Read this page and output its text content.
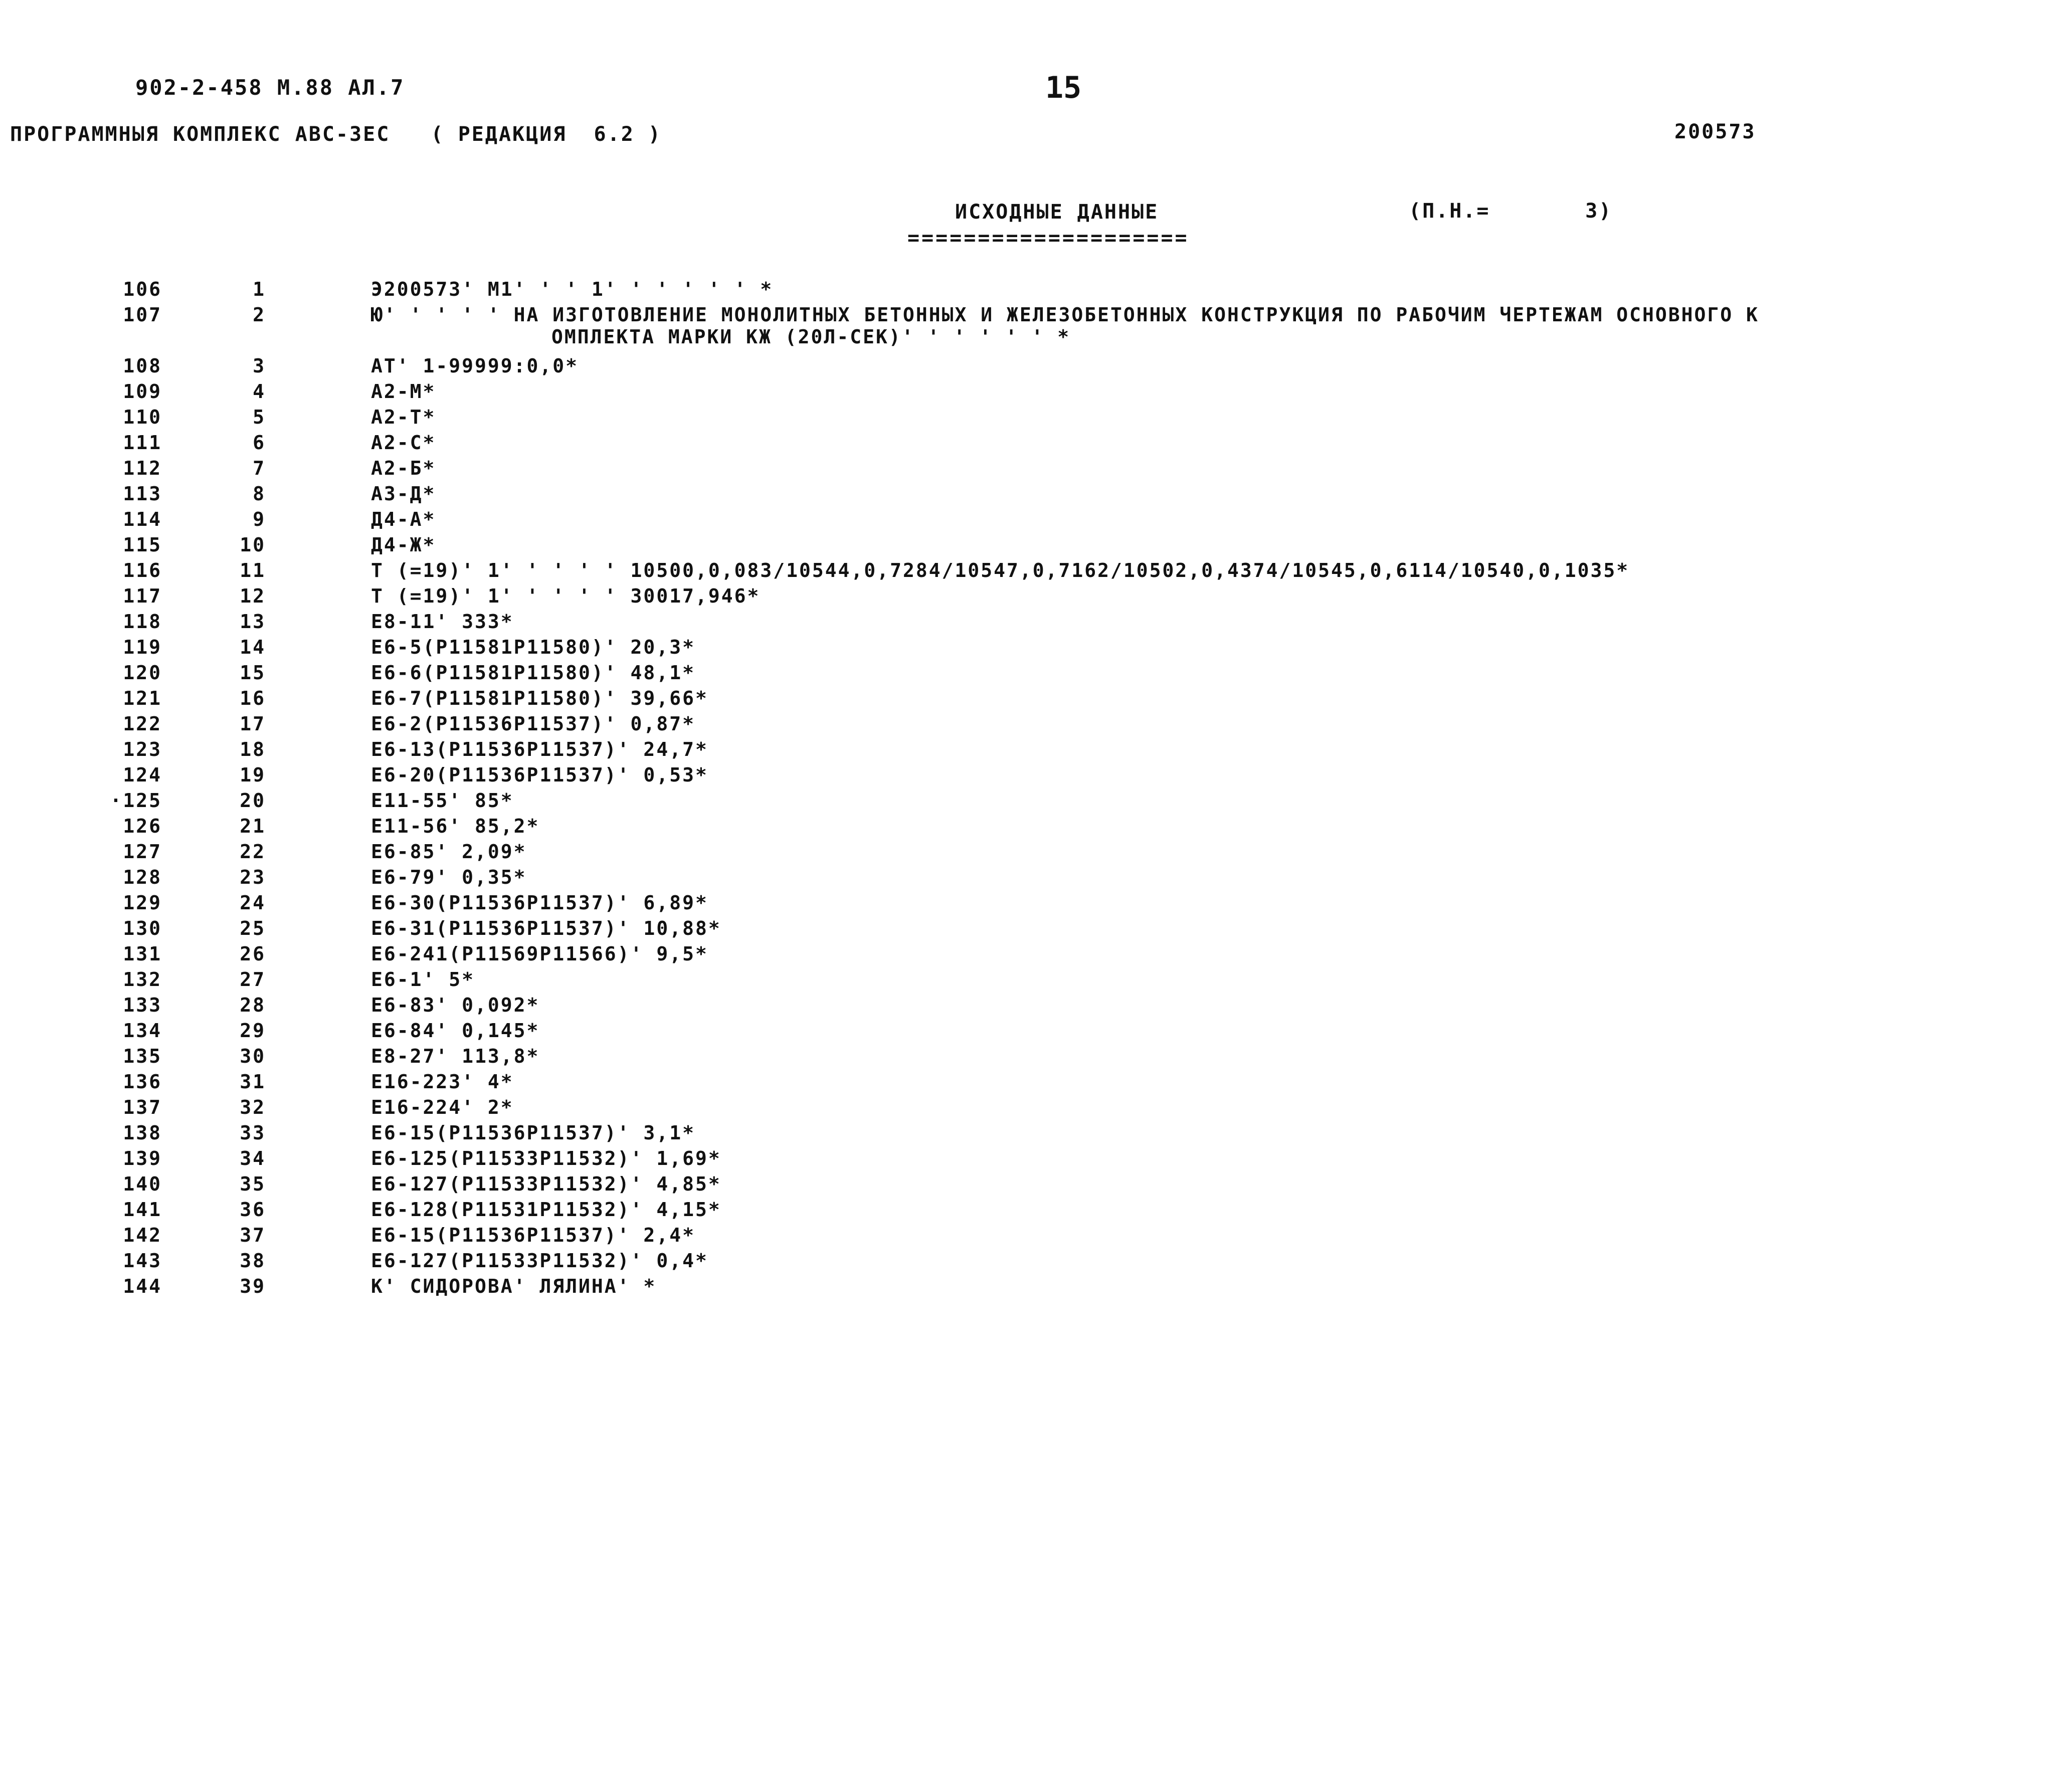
902-2-458 М.88 АЛ.7	15
ПРОГРАММНЫЯ КОМПЛЕКС АВС-3ЕС   ( РЕДАКЦИЯ  6.2 )	200573
ИСХОДНЫЕ ДАННЫЕ	(П.Н.=       3)
====================
106	1	Э200573' М1' ' ' 1' ' ' ' ' ' *
107	2	Ю' ' ' ' ' НА ИЗГОТОВЛЕНИЕ МОНОЛИТНЫХ БЕТОННЫХ И ЖЕЛЕЗОБЕТОННЫХ КОНСТРУКЦИЯ ПО РАБОЧИМ ЧЕРТЕЖАМ ОСНОВНОГО К
ОМПЛЕКТА МАРКИ КЖ (20Л-СЕК)' ' ' ' ' ' *
108	3	АТ' 1-99999:0,0*
109	4	А2-М*
110	5	А2-Т*
111	6	А2-С*
112	7	А2-Б*
113	8	А3-Д*
114	9	Д4-А*
115	10	Д4-Ж*
116	11	Т (=19)' 1' ' ' ' ' 10500,0,083/10544,0,7284/10547,0,7162/10502,0,4374/10545,0,6114/10540,0,1035*
117	12	Т (=19)' 1' ' ' ' ' 30017,946*
118	13	Е8-11' 333*
119	14	Е6-5(Р11581Р11580)' 20,3*
120	15	Е6-6(Р11581Р11580)' 48,1*
121	16	Е6-7(Р11581Р11580)' 39,66*
122	17	Е6-2(Р11536Р11537)' 0,87*
123	18	Е6-13(Р11536Р11537)' 24,7*
124	19	Е6-20(Р11536Р11537)' 0,53*
·125	20	Е11-55' 85*
126	21	Е11-56' 85,2*
127	22	Е6-85' 2,09*
128	23	Е6-79' 0,35*
129	24	Е6-30(Р11536Р11537)' 6,89*
130	25	Е6-31(Р11536Р11537)' 10,88*
131	26	Е6-241(Р11569Р11566)' 9,5*
132	27	Е6-1' 5*
133	28	Е6-83' 0,092*
134	29	Е6-84' 0,145*
135	30	Е8-27' 113,8*
136	31	Е16-223' 4*
137	32	Е16-224' 2*
138	33	Е6-15(Р11536Р11537)' 3,1*
139	34	Е6-125(Р11533Р11532)' 1,69*
140	35	Е6-127(Р11533Р11532)' 4,85*
141	36	Е6-128(Р11531Р11532)' 4,15*
142	37	Е6-15(Р11536Р11537)' 2,4*
143	38	Е6-127(Р11533Р11532)' 0,4*
144	39	К' СИДОРОВА' ЛЯЛИНА' *
